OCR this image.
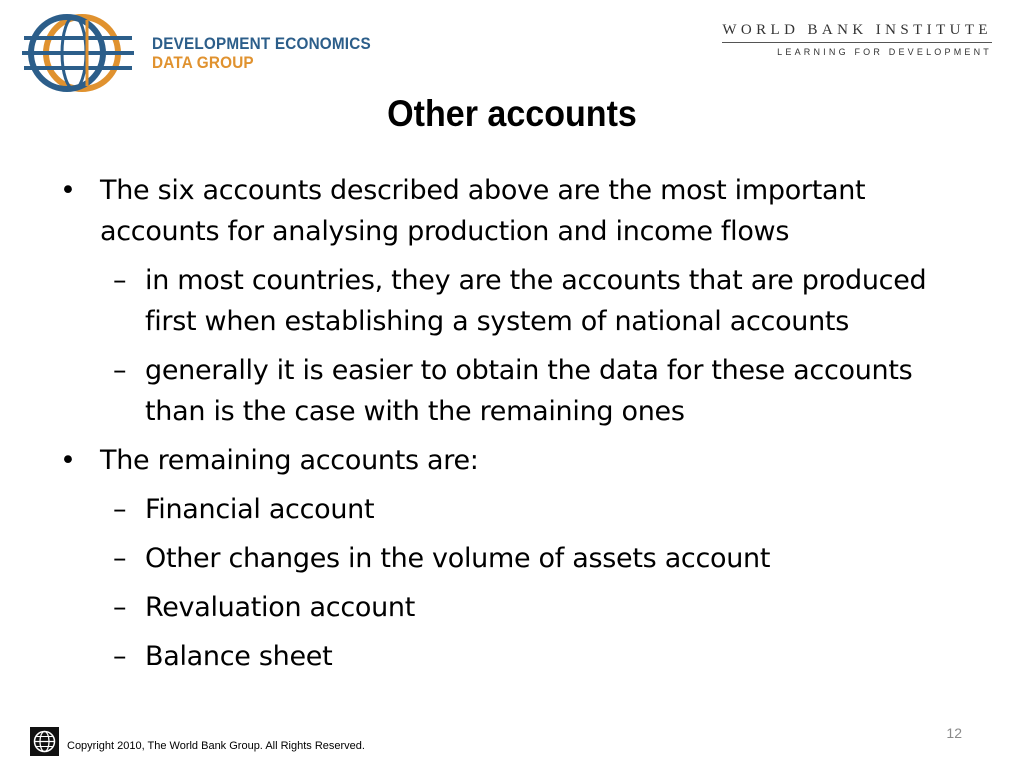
DEVELOPMENT ECONOMICS
DATA GROUP
WORLD BANK INSTITUTE
LEARNING FOR DEVELOPMENT
Other accounts
• The six accounts described above are the most important accounts for analysing production and income flows
– in most countries, they are the accounts that are produced first when establishing a system of national accounts
– generally it is easier to obtain the data for these accounts than is the case with the remaining ones
• The remaining accounts are:
– Financial account
– Other changes in the volume of assets account
– Revaluation account
– Balance sheet
Copyright 2010, The World Bank Group. All Rights Reserved.
12
